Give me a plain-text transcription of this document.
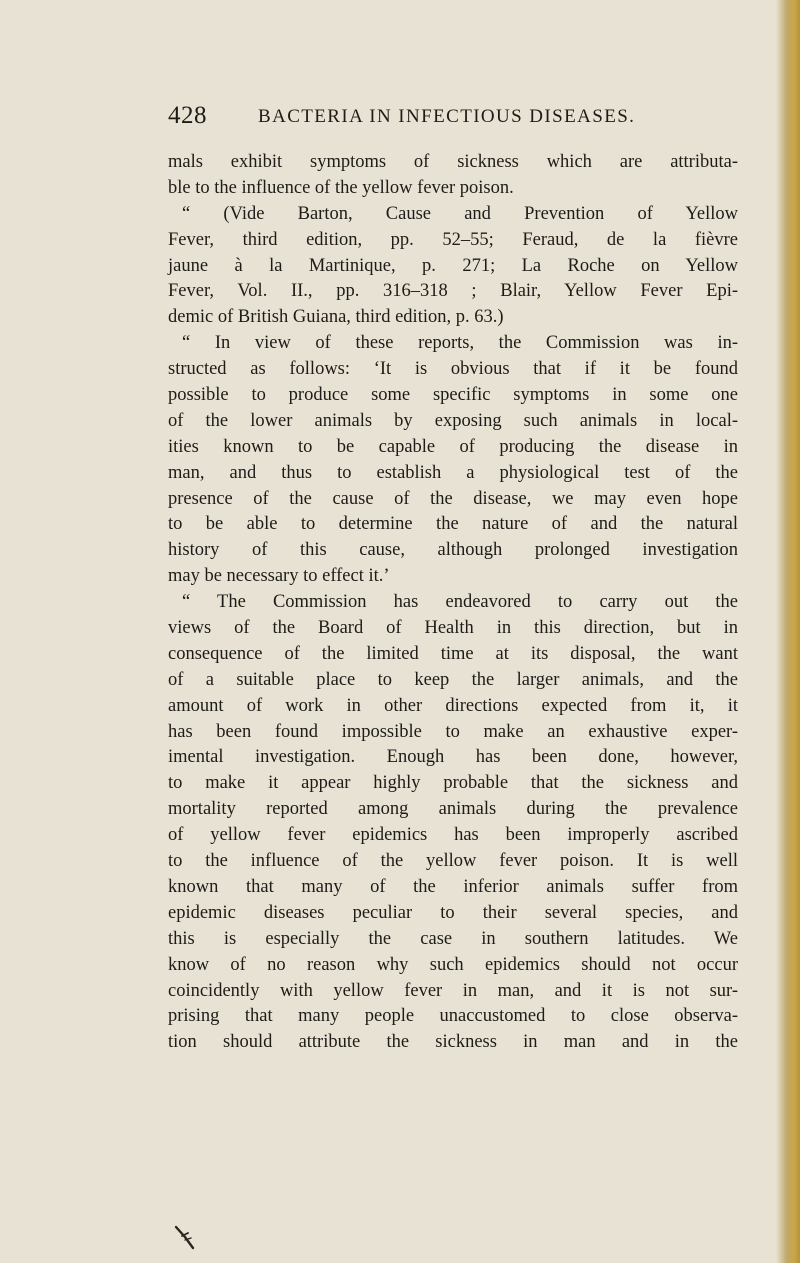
428	BACTERIA IN INFECTIOUS DISEASES.
mals exhibit symptoms of sickness which are attributa-
ble to the influence of the yellow fever poison.
“ (Vide Barton, Cause and Prevention of Yellow
Fever, third edition, pp. 52–55; Feraud, de la fièvre
jaune à la Martinique, p. 271; La Roche on Yellow
Fever, Vol. II., pp. 316–318 ; Blair, Yellow Fever Epi-
demic of British Guiana, third edition, p. 63.)
“ In view of these reports, the Commission was in-
structed as follows: ‘It is obvious that if it be found
possible to produce some specific symptoms in some one
of the lower animals by exposing such animals in local-
ities known to be capable of producing the disease in
man, and thus to establish a physiological test of the
presence of the cause of the disease, we may even hope
to be able to determine the nature of and the natural
history of this cause, although prolonged investigation
may be necessary to effect it.’
“ The Commission has endeavored to carry out the
views of the Board of Health in this direction, but in
consequence of the limited time at its disposal, the want
of a suitable place to keep the larger animals, and the
amount of work in other directions expected from it, it
has been found impossible to make an exhaustive exper-
imental investigation. Enough has been done, however,
to make it appear highly probable that the sickness and
mortality reported among animals during the prevalence
of yellow fever epidemics has been improperly ascribed
to the influence of the yellow fever poison. It is well
known that many of the inferior animals suffer from
epidemic diseases peculiar to their several species, and
this is especially the case in southern latitudes. We
know of no reason why such epidemics should not occur
coincidently with yellow fever in man, and it is not sur-
prising that many people unaccustomed to close observa-
tion should attribute the sickness in man and in the
